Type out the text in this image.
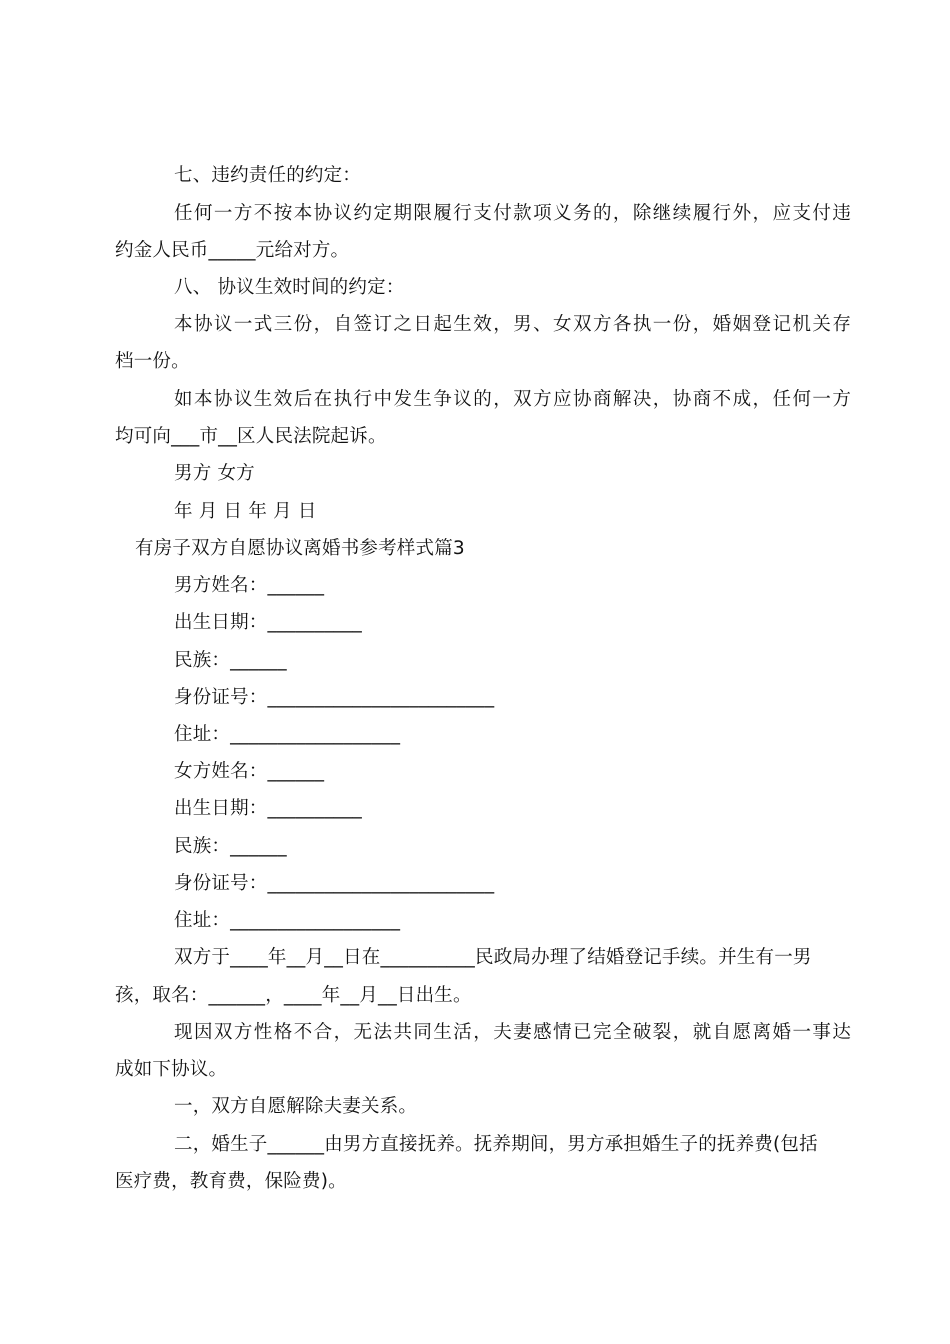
七、违约责任的约定：
任何一方不按本协议约定期限履行支付款项义务的，除继续履行外，应支付违
约金人民币_____元给对方。
八、 协议生效时间的约定：
本协议一式三份，自签订之日起生效，男、女双方各执一份，婚姻登记机关存
档一份。
如本协议生效后在执行中发生争议的，双方应协商解决，协商不成，任何一方
均可向___市__区人民法院起诉。
男方 女方
年 月 日 年 月 日
有房子双方自愿协议离婚书参考样式篇3
男方姓名：______
出生日期：__________
民族：______
身份证号：________________________
住址：__________________
女方姓名：______
出生日期：__________
民族：______
身份证号：________________________
住址：__________________
双方于____年__月__日在__________民政局办理了结婚登记手续。并生有一男
孩，取名：______，____年__月__日出生。
现因双方性格不合，无法共同生活，夫妻感情已完全破裂，就自愿离婚一事达
成如下协议。
一，双方自愿解除夫妻关系。
二，婚生子______由男方直接抚养。抚养期间，男方承担婚生子的抚养费(包括
医疗费，教育费，保险费)。
